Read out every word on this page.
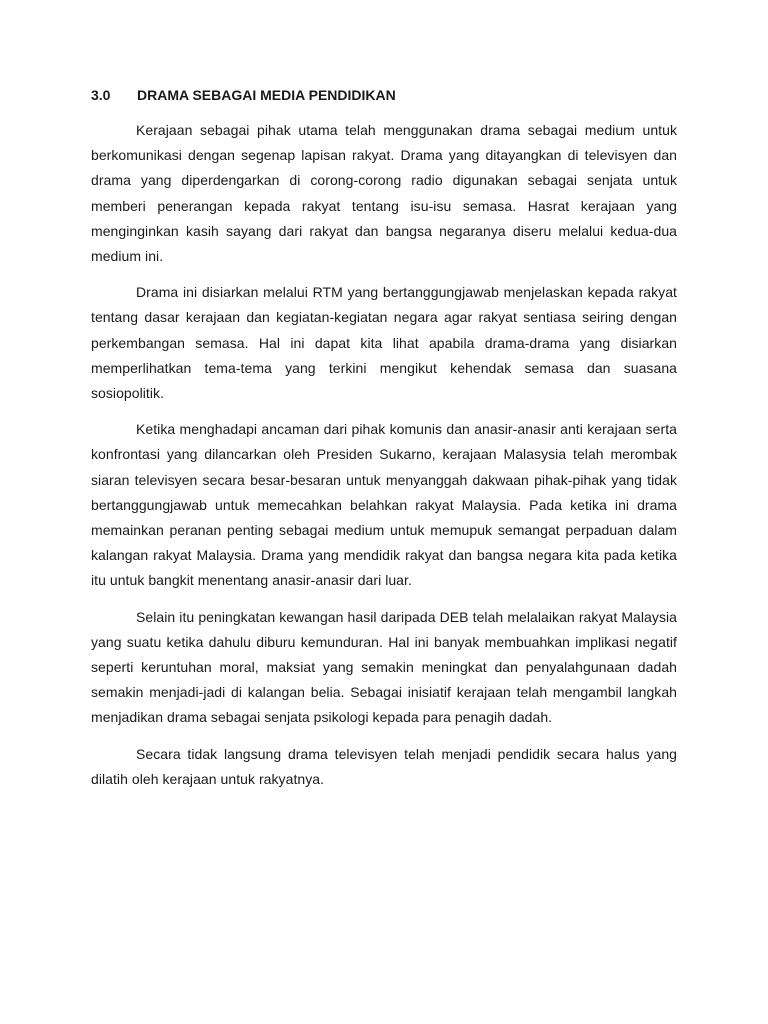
3.0	DRAMA SEBAGAI MEDIA PENDIDIKAN

Kerajaan sebagai pihak utama telah menggunakan drama sebagai medium untuk berkomunikasi dengan segenap lapisan rakyat. Drama yang ditayangkan di televisyen dan drama yang diperdengarkan di corong-corong radio digunakan sebagai senjata untuk memberi penerangan kepada rakyat tentang isu-isu semasa. Hasrat kerajaan yang menginginkan kasih sayang dari rakyat dan bangsa negaranya diseru melalui kedua-dua medium ini.

Drama ini disiarkan melalui RTM yang bertanggungjawab menjelaskan kepada rakyat tentang dasar kerajaan dan kegiatan-kegiatan negara agar rakyat sentiasa seiring dengan perkembangan semasa. Hal ini dapat kita lihat apabila drama-drama yang disiarkan memperlihatkan tema-tema yang terkini mengikut kehendak semasa dan suasana sosiopolitik.

Ketika menghadapi ancaman dari pihak komunis dan anasir-anasir anti kerajaan serta konfrontasi yang dilancarkan oleh Presiden Sukarno, kerajaan Malasysia telah merombak siaran televisyen secara besar-besaran untuk menyanggah dakwaan pihak-pihak yang tidak bertanggungjawab untuk memecahkan belahkan rakyat Malaysia. Pada ketika ini drama memainkan peranan penting sebagai medium untuk memupuk semangat perpaduan dalam kalangan rakyat Malaysia. Drama yang mendidik rakyat dan bangsa negara kita pada ketika itu untuk bangkit menentang anasir-anasir dari luar.

Selain itu peningkatan kewangan hasil daripada DEB telah melalaikan rakyat Malaysia yang suatu ketika dahulu diburu kemunduran. Hal ini banyak membuahkan implikasi negatif seperti keruntuhan moral, maksiat yang semakin meningkat dan penyalahgunaan dadah semakin menjadi-jadi di kalangan belia. Sebagai inisiatif kerajaan telah mengambil langkah menjadikan drama sebagai senjata psikologi kepada para penagih dadah.

Secara tidak langsung drama televisyen telah menjadi pendidik secara halus yang dilatih oleh kerajaan untuk rakyatnya.
